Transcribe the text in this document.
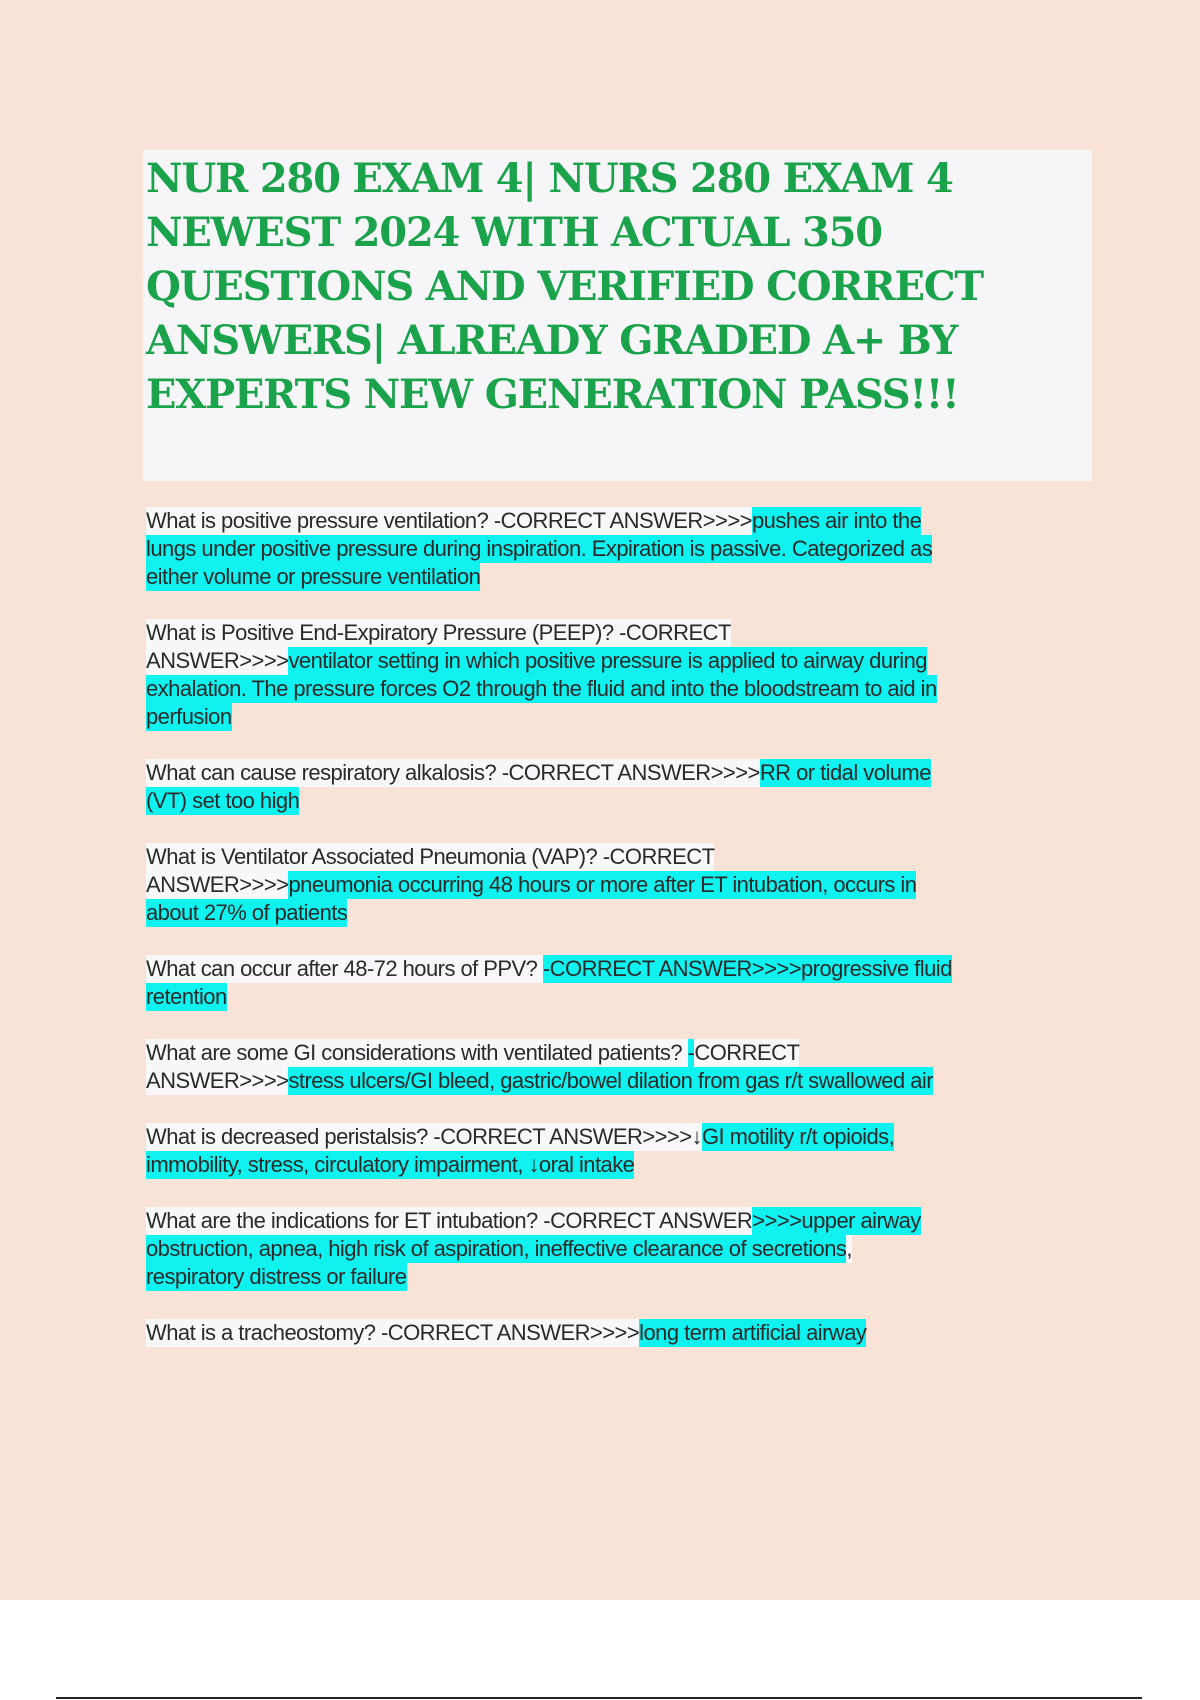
NUR 280 EXAM 4| NURS 280 EXAM 4
NEWEST 2024 WITH ACTUAL 350
QUESTIONS AND VERIFIED CORRECT
ANSWERS| ALREADY GRADED A+ BY
EXPERTS NEW GENERATION PASS!!!
What is positive pressure ventilation? -CORRECT ANSWER>>>>pushes air into the
lungs under positive pressure during inspiration. Expiration is passive. Categorized as
either volume or pressure ventilation
What is Positive End-Expiratory Pressure (PEEP)? -CORRECT
ANSWER>>>>ventilator setting in which positive pressure is applied to airway during
exhalation. The pressure forces O2 through the fluid and into the bloodstream to aid in
perfusion
What can cause respiratory alkalosis? -CORRECT ANSWER>>>>RR or tidal volume
(VT) set too high
What is Ventilator Associated Pneumonia (VAP)? -CORRECT
ANSWER>>>>pneumonia occurring 48 hours or more after ET intubation, occurs in
about 27% of patients
What can occur after 48-72 hours of PPV? -CORRECT ANSWER>>>>progressive fluid
retention
What are some GI considerations with ventilated patients? -CORRECT
ANSWER>>>>stress ulcers/GI bleed, gastric/bowel dilation from gas r/t swallowed air
What is decreased peristalsis? -CORRECT ANSWER>>>>↓GI motility r/t opioids,
immobility, stress, circulatory impairment, ↓oral intake
What are the indications for ET intubation? -CORRECT ANSWER>>>>upper airway
obstruction, apnea, high risk of aspiration, ineffective clearance of secretions,
respiratory distress or failure
What is a tracheostomy? -CORRECT ANSWER>>>>long term artificial airway
